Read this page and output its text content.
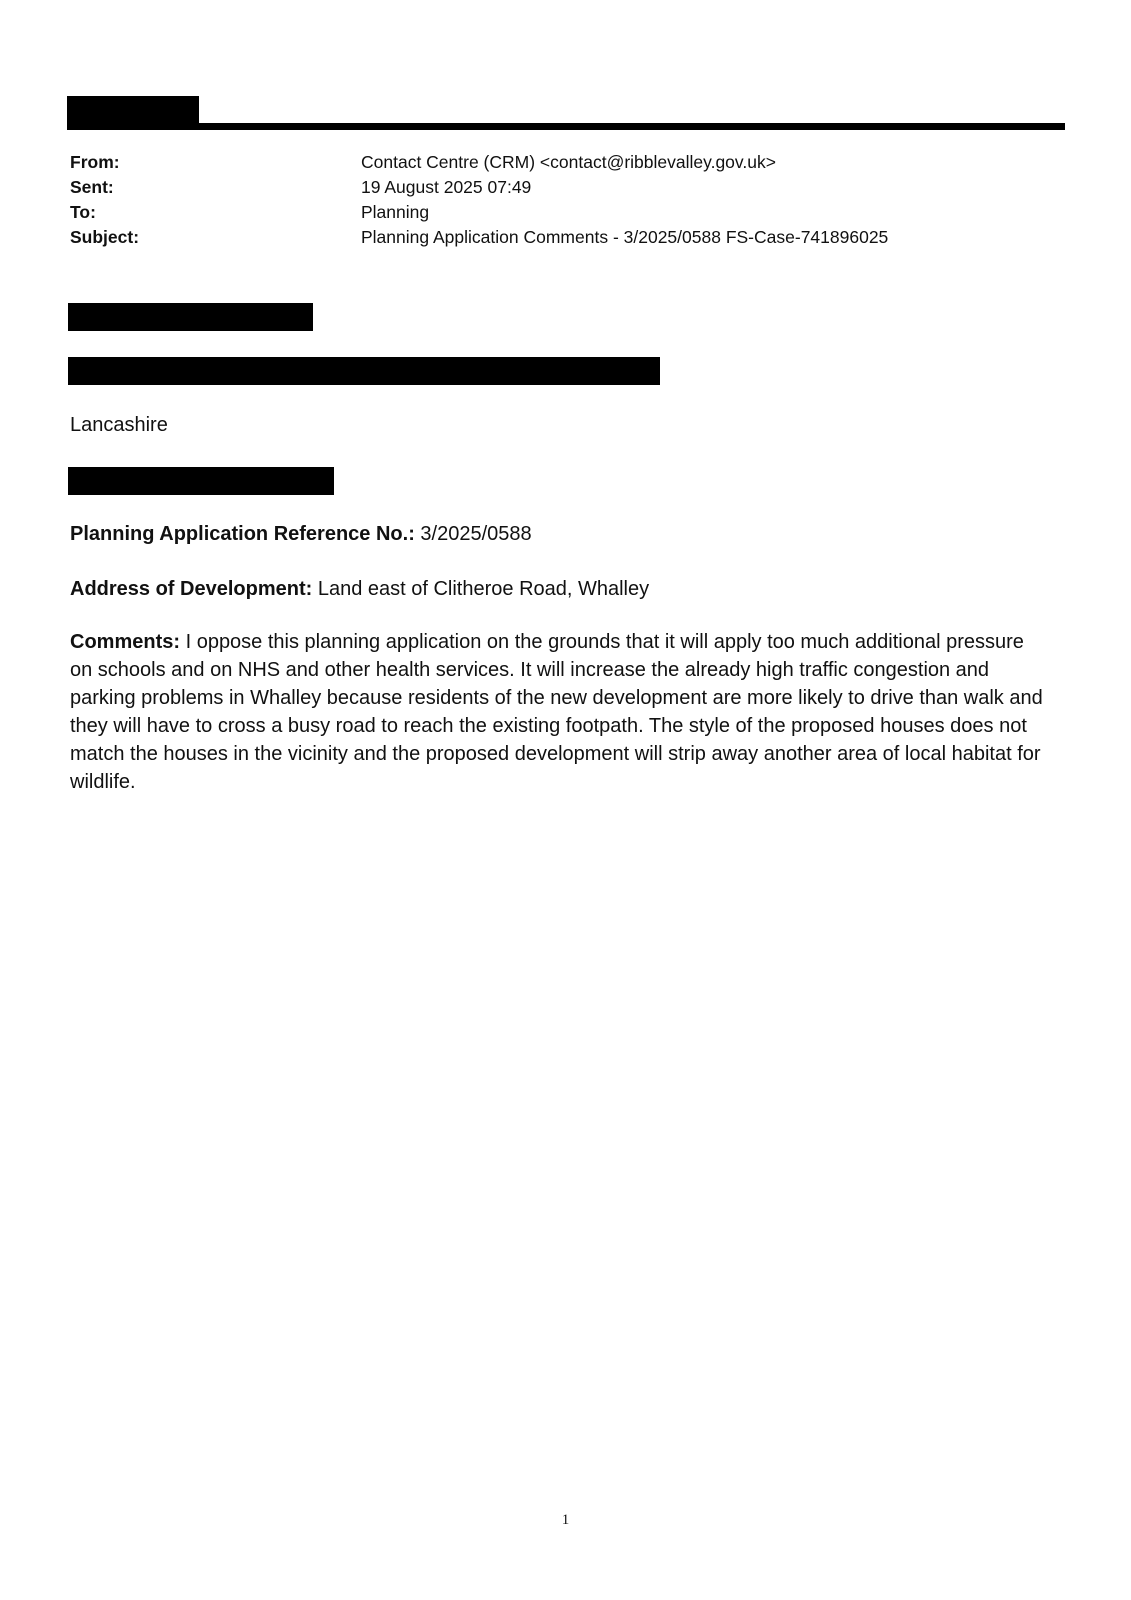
From:	Contact Centre (CRM) <contact@ribblevalley.gov.uk>
Sent:	19 August 2025 07:49
To:	Planning
Subject:	Planning Application Comments - 3/2025/0588 FS-Case-741896025
Lancashire
Planning Application Reference No.: 3/2025/0588
Address of Development: Land east of Clitheroe Road, Whalley
Comments: I oppose this planning application on the grounds that it will apply too much additional pressure on schools and on NHS and other health services. It will increase the already high traffic congestion and parking problems in Whalley because residents of the new development are more likely to drive than walk and they will have to cross a busy road to reach the existing footpath. The style of the proposed houses does not match the houses in the vicinity and the proposed development will strip away another area of local habitat for wildlife.
1
